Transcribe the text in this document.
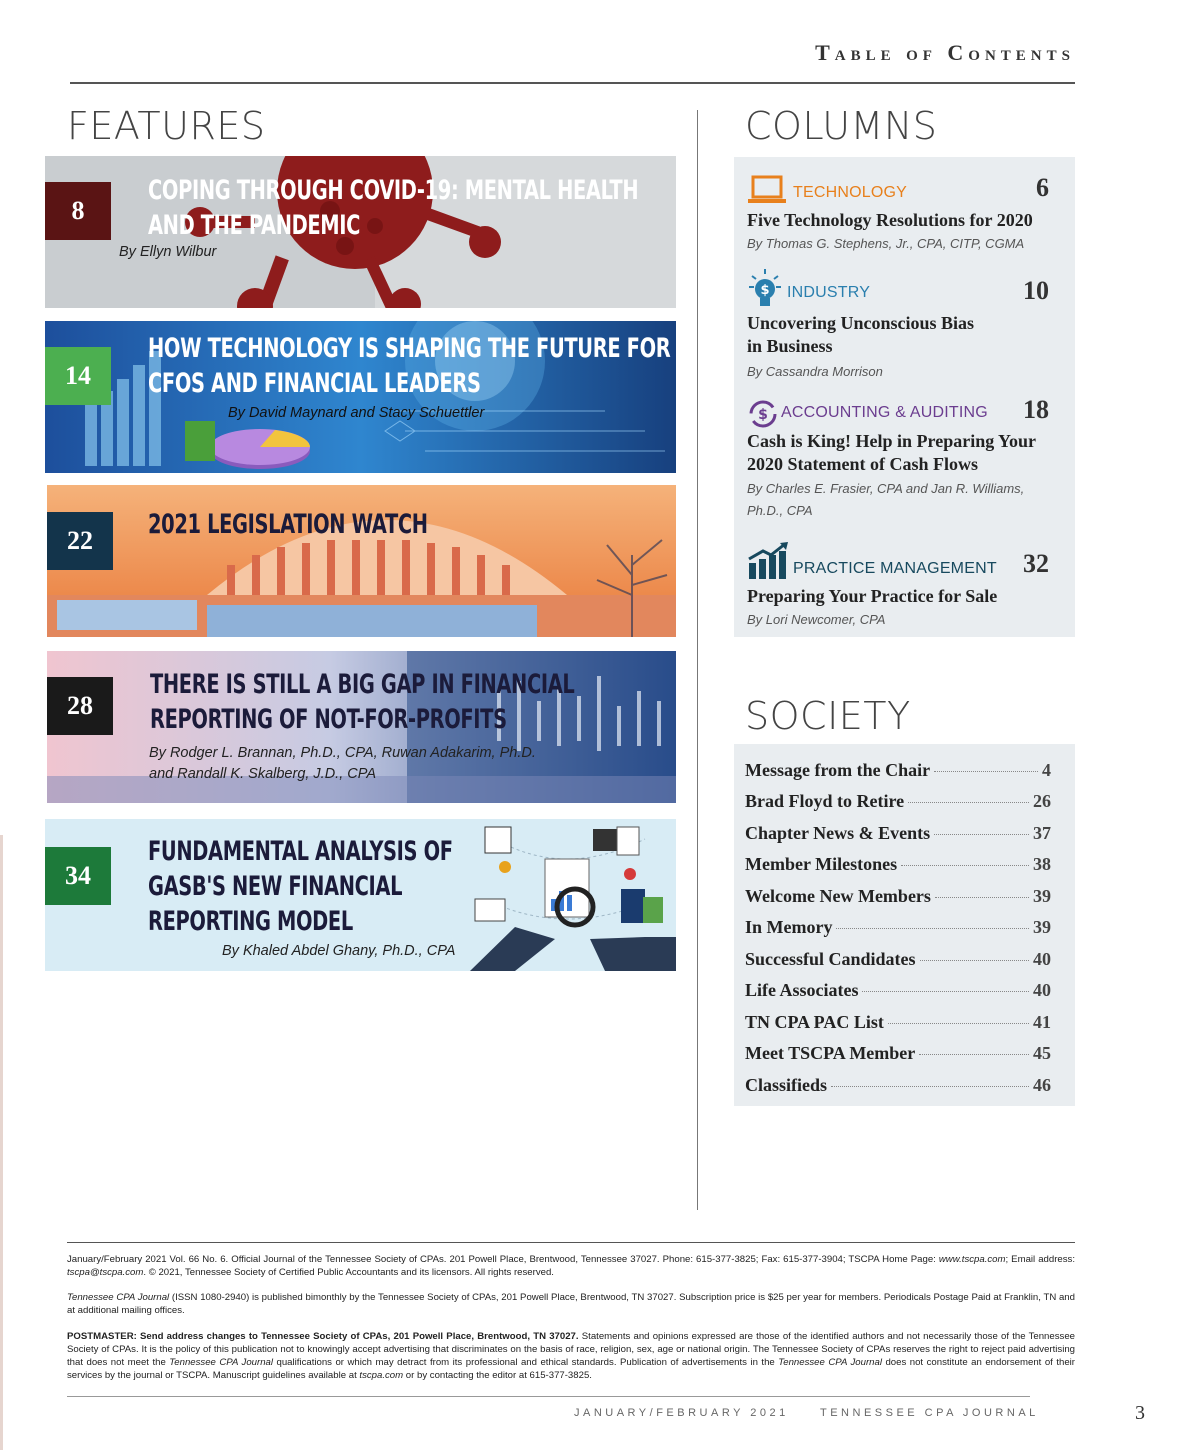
Table of Contents
FEATURES
8
COPING THROUGH COVID-19: MENTAL HEALTH
AND THE PANDEMIC
By Ellyn Wilbur
14
HOW TECHNOLOGY IS SHAPING THE FUTURE FOR
CFOS AND FINANCIAL LEADERS
By David Maynard and Stacy Schuettler
22
2021 LEGISLATION WATCH
28
THERE IS STILL A BIG GAP IN FINANCIAL
REPORTING OF NOT-FOR-PROFITS
By Rodger L. Brannan, Ph.D., CPA, Ruwan Adakarim, Ph.D.
and Randall K. Skalberg, J.D., CPA
34
FUNDAMENTAL ANALYSIS OF
GASB'S NEW FINANCIAL
REPORTING MODEL
By Khaled Abdel Ghany, Ph.D., CPA
COLUMNS
TECHNOLOGY	6
Five Technology Resolutions for 2020
By Thomas G. Stephens, Jr., CPA, CITP, CGMA
$ INDUSTRY	10
Uncovering Unconscious Bias
in Business
By Cassandra Morrison
$ ACCOUNTING & AUDITING 18
Cash is King! Help in Preparing Your
2020 Statement of Cash Flows
By Charles E. Frasier, CPA and Jan R. Williams,
Ph.D., CPA
PRACTICE MANAGEMENT 32
Preparing Your Practice for Sale
By Lori Newcomer, CPA
SOCIETY
Message from the Chair	4
Brad Floyd to Retire	26
Chapter News & Events	37
Member Milestones	38
Welcome New Members	39
In Memory	39
Successful Candidates	40
Life Associates	40
TN CPA PAC List	41
Meet TSCPA Member	45
Classifieds	46
January/February 2021 Vol. 66 No. 6. Official Journal of the Tennessee Society of CPAs. 201 Powell Place, Brentwood, Tennessee 37027. Phone: 615-377-3825; Fax: 615-377-3904; TSCPA Home Page: www.tscpa.com; Email address: tscpa@tscpa.com. © 2021, Tennessee Society of Certified Public Accountants and its licensors. All rights reserved.
Tennessee CPA Journal (ISSN 1080-2940) is published bimonthly by the Tennessee Society of CPAs, 201 Powell Place, Brentwood, TN 37027. Subscription price is $25 per year for members. Periodicals Postage Paid at Franklin, TN and at additional mailing offices.
POSTMASTER: Send address changes to Tennessee Society of CPAs, 201 Powell Place, Brentwood, TN 37027. Statements and opinions expressed are those of the identified authors and not necessarily those of the Tennessee Society of CPAs. It is the policy of this publication not to knowingly accept advertising that discriminates on the basis of race, religion, sex, age or national origin. The Tennessee Society of CPAs reserves the right to reject paid advertising that does not meet the Tennessee CPA Journal qualifications or which may detract from its professional and ethical standards. Publication of advertisements in the Tennessee CPA Journal does not constitute an endorsement of their services by the journal or TSCPA. Manuscript guidelines available at tscpa.com or by contacting the editor at 615-377-3825.
JANUARY/FEBRUARY 2021	TENNESSEE CPA JOURNAL	3
